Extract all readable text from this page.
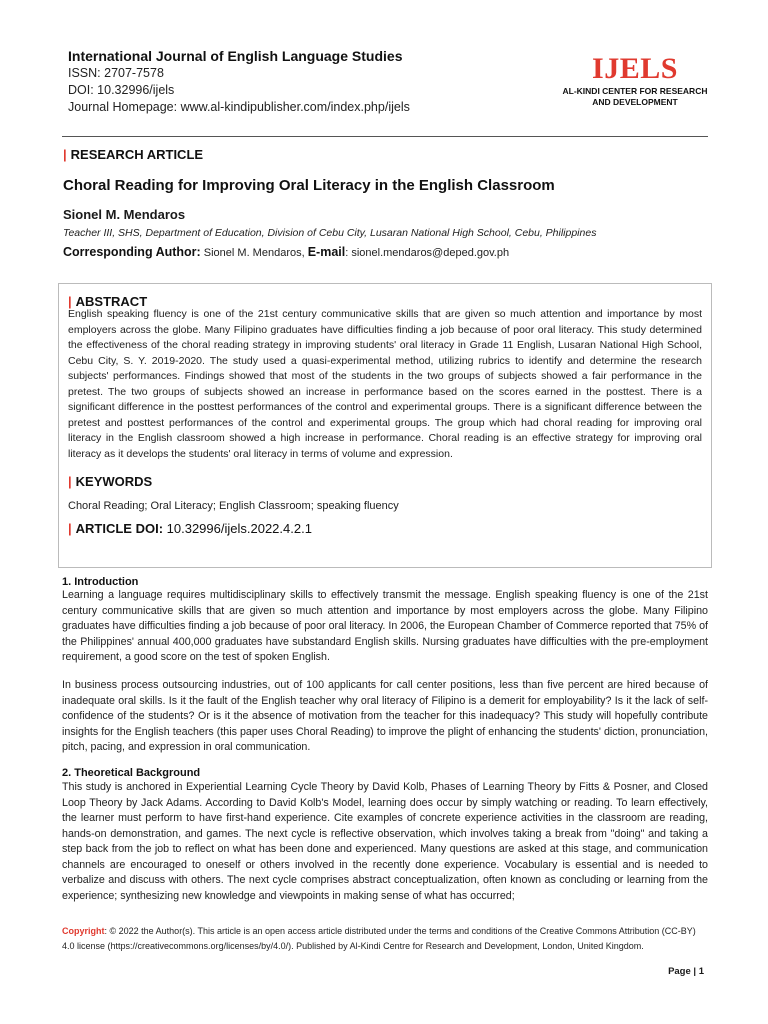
International Journal of English Language Studies
ISSN: 2707-7578
DOI: 10.32996/ijels
Journal Homepage: www.al-kindipublisher.com/index.php/ijels
IJELS
AL-KINDI CENTER FOR RESEARCH
AND DEVELOPMENT
| RESEARCH ARTICLE
Choral Reading for Improving Oral Literacy in the English Classroom
Sionel M. Mendaros
Teacher III, SHS, Department of Education, Division of Cebu City, Lusaran National High School, Cebu, Philippines
Corresponding Author: Sionel M. Mendaros, E-mail: sionel.mendaros@deped.gov.ph
| ABSTRACT
English speaking fluency is one of the 21st century communicative skills that are given so much attention and importance by most employers across the globe. Many Filipino graduates have difficulties finding a job because of poor oral literacy. This study determined the effectiveness of the choral reading strategy in improving students' oral literacy in Grade 11 English, Lusaran National High School, Cebu City, S. Y. 2019-2020. The study used a quasi-experimental method, utilizing rubrics to identify and determine the research subjects' performances. Findings showed that most of the students in the two groups of subjects showed a fair performance in the pretest. The two groups of subjects showed an increase in performance based on the scores earned in the posttest. There is a significant difference in the posttest performances of the control and experimental groups. There is a significant difference between the pretest and posttest performances of the control and experimental groups. The group which had choral reading for improving oral literacy in the English classroom showed a high increase in performance. Choral reading is an effective strategy for improving oral literacy as it develops the students' oral literacy in terms of volume and expression.
| KEYWORDS
Choral Reading; Oral Literacy; English Classroom; speaking fluency
| ARTICLE DOI: 10.32996/ijels.2022.4.2.1
1. Introduction
Learning a language requires multidisciplinary skills to effectively transmit the message. English speaking fluency is one of the 21st century communicative skills that are given so much attention and importance by most employers across the globe. Many Filipino graduates have difficulties finding a job because of poor oral literacy. In 2006, the European Chamber of Commerce reported that 75% of the Philippines' annual 400,000 graduates have substandard English skills. Nursing graduates have difficulties with the pre-employment requirement, a good score on the test of spoken English.
In business process outsourcing industries, out of 100 applicants for call center positions, less than five percent are hired because of inadequate oral skills. Is it the fault of the English teacher why oral literacy of Filipino is a demerit for employability? Is it the lack of self-confidence of the students? Or is it the absence of motivation from the teacher for this inadequacy? This study will hopefully contribute insights for the English teachers (this paper uses Choral Reading) to improve the plight of enhancing the students' diction, pronunciation, pitch, pacing, and expression in oral communication.
2. Theoretical Background
This study is anchored in Experiential Learning Cycle Theory by David Kolb, Phases of Learning Theory by Fitts & Posner, and Closed Loop Theory by Jack Adams. According to David Kolb's Model, learning does occur by simply watching or reading. To learn effectively, the learner must perform to have first-hand experience. Cite examples of concrete experience activities in the classroom are reading, hands-on demonstration, and games. The next cycle is reflective observation, which involves taking a break from "doing" and taking a step back from the job to reflect on what has been done and experienced. Many questions are asked at this stage, and communication channels are encouraged to oneself or others involved in the recently done experience. Vocabulary is essential and is needed to verbalize and discuss with others. The next cycle comprises abstract conceptualization, often known as concluding or learning from the experience; synthesizing new knowledge and viewpoints in making sense of what has occurred;
Copyright: © 2022 the Author(s). This article is an open access article distributed under the terms and conditions of the Creative Commons Attribution (CC-BY) 4.0 license (https://creativecommons.org/licenses/by/4.0/). Published by Al-Kindi Centre for Research and Development, London, United Kingdom.
Page | 1
